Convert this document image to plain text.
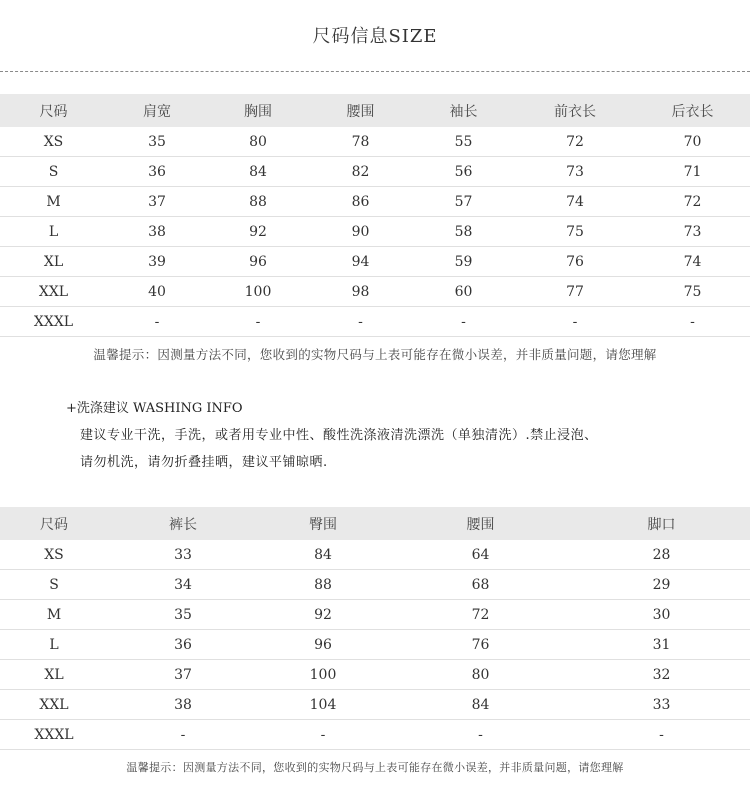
尺码信息SIZE
尺码	肩宽	胸围	腰围	袖长	前衣长	后衣长
XS	35	80	78	55	72	70
S	36	84	82	56	73	71
M	37	88	86	57	74	72
L	38	92	90	58	75	73
XL	39	96	94	59	76	74
XXL	40	100	98	60	77	75
XXXL	-	-	-	-	-	-
温馨提示：因测量方法不同，您收到的实物尺码与上表可能存在微小误差，并非质量问题，请您理解
+洗涤建议 WASHING INFO
建议专业干洗，手洗，或者用专业中性、酸性洗涤液清洗漂洗（单独清洗）.禁止浸泡、
请勿机洗，请勿折叠挂晒，建议平铺晾晒.
尺码	裤长	臀围	腰围	脚口
XS	33	84	64	28
S	34	88	68	29
M	35	92	72	30
L	36	96	76	31
XL	37	100	80	32
XXL	38	104	84	33
XXXL	-	-	-	-
温馨提示：因测量方法不同，您收到的实物尺码与上表可能存在微小误差，并非质量问题，请您理解
